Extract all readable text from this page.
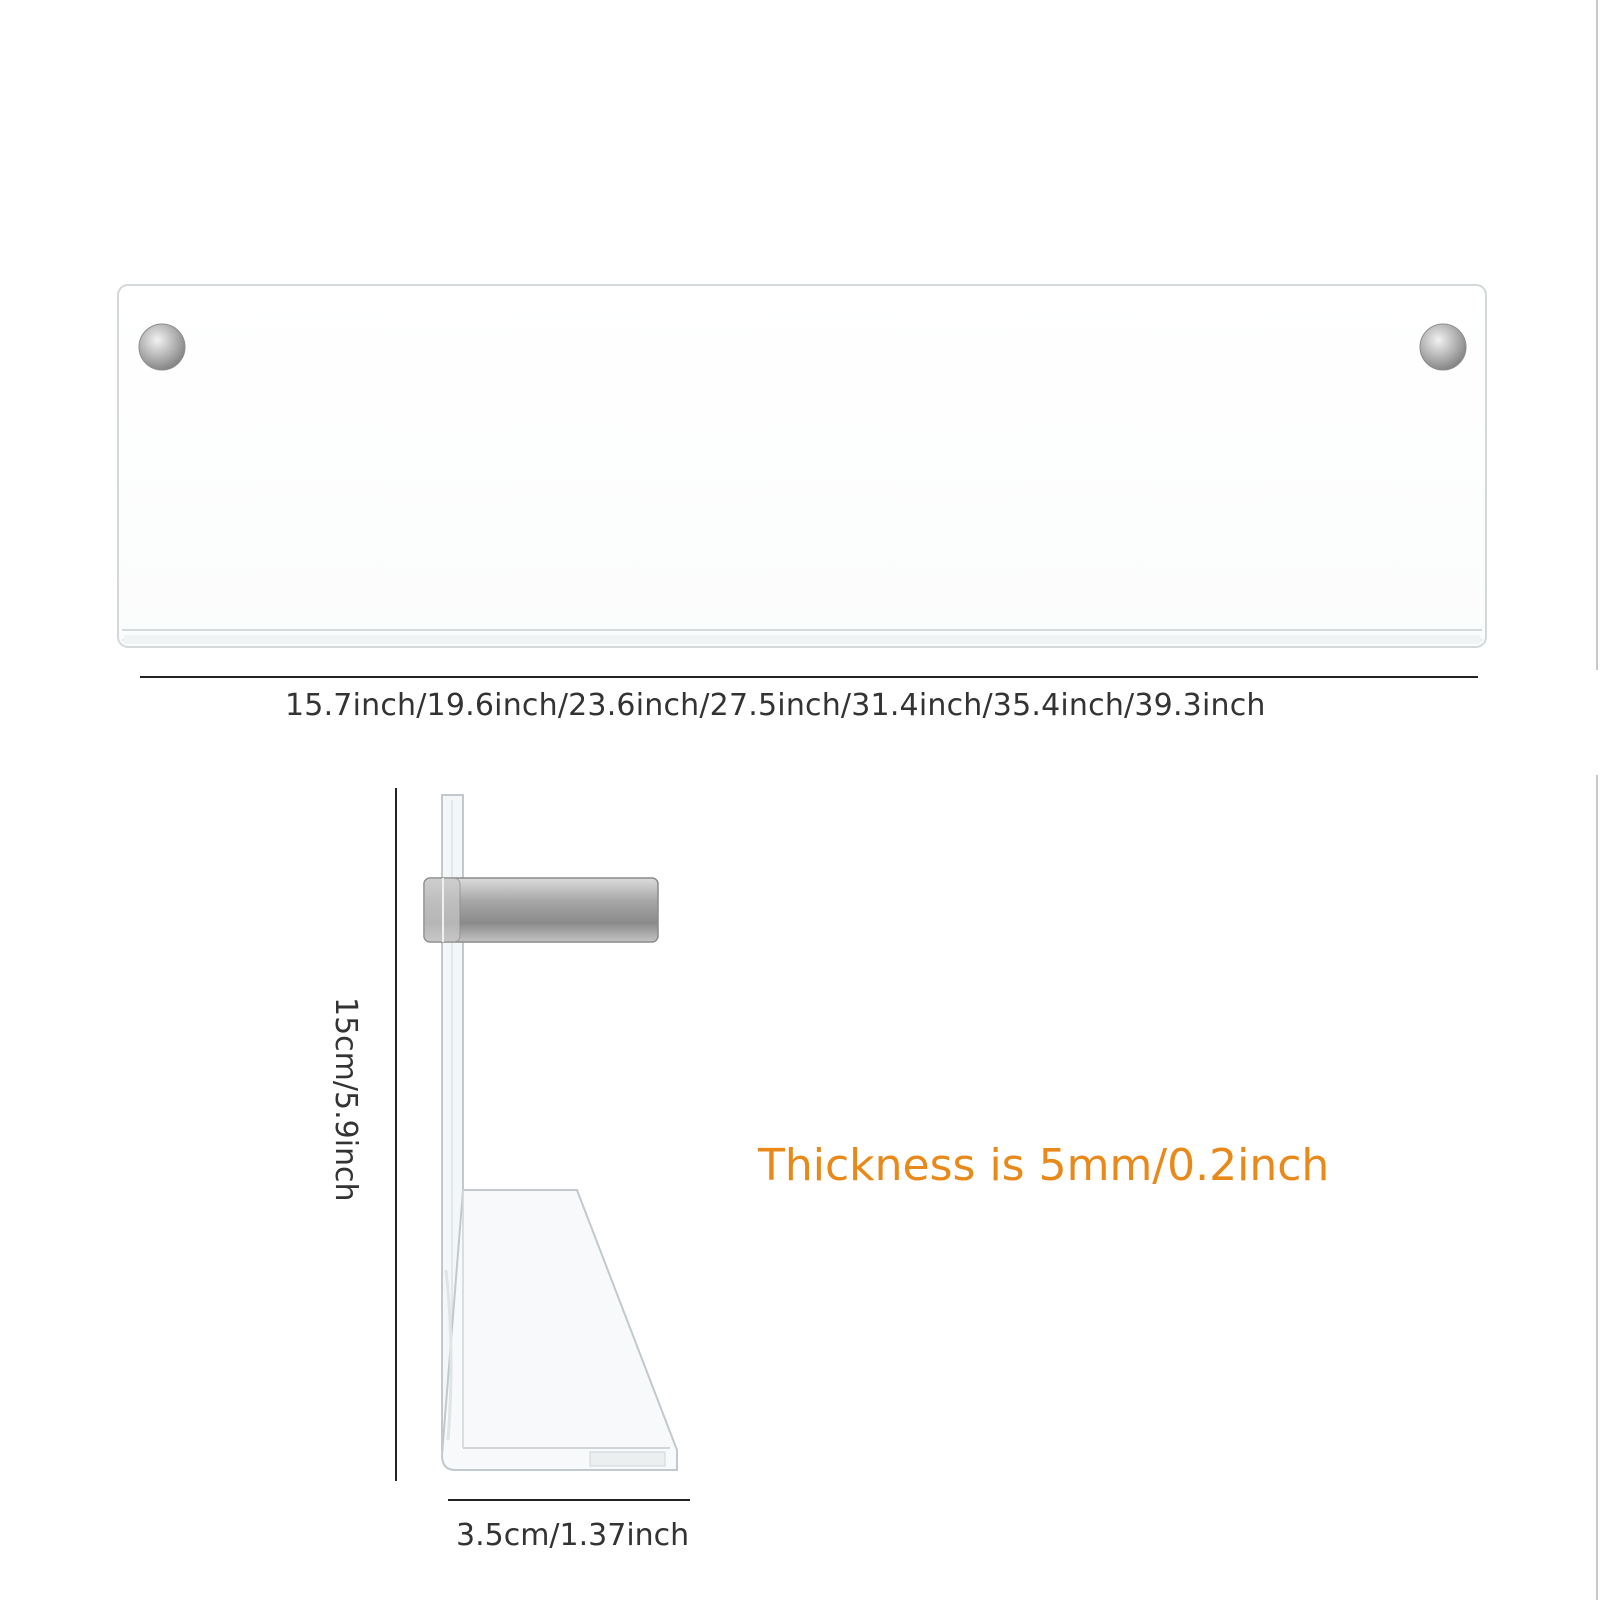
15.7inch/19.6inch/23.6inch/27.5inch/31.4inch/35.4inch/39.3inch
15cm/5.9inch
3.5cm/1.37inch
Thickness is 5mm/0.2inch
